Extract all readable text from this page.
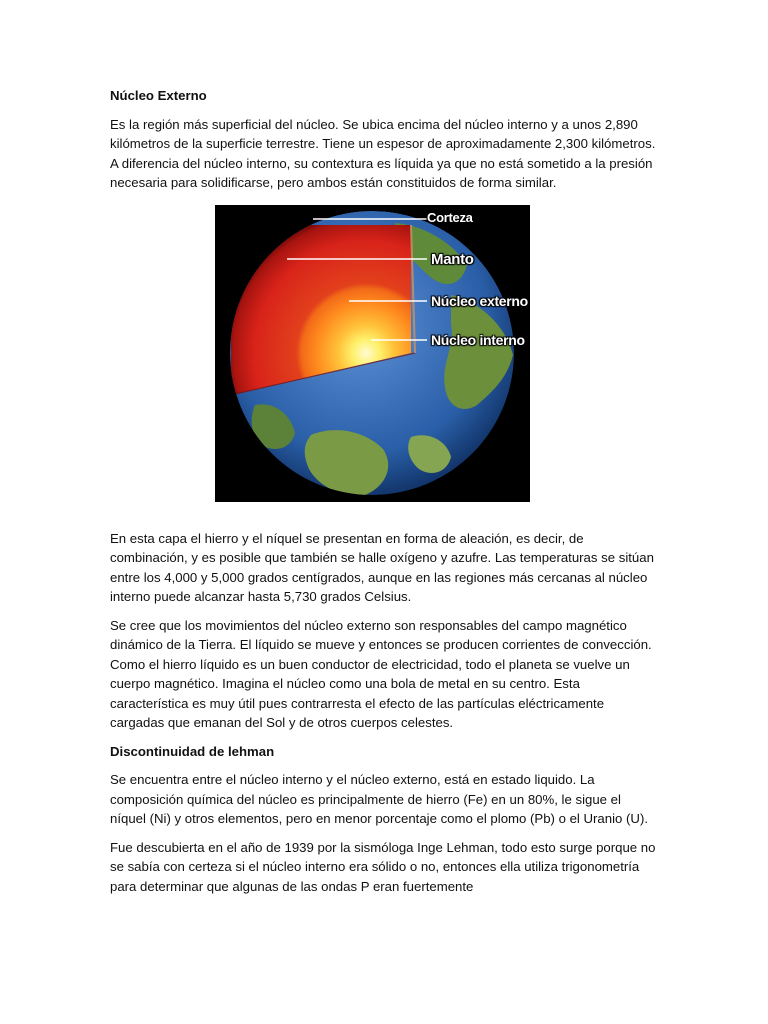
Núcleo Externo

Es la región más superficial del núcleo. Se ubica encima del núcleo interno y a unos 2,890 kilómetros de la superficie terrestre. Tiene un espesor de aproximadamente 2,300 kilómetros. A diferencia del núcleo interno, su contextura es líquida ya que no está sometido a la presión necesaria para solidificarse, pero ambos están constituidos de forma similar.

Corteza
Manto
Núcleo externo
Núcleo interno

En esta capa el hierro y el níquel se presentan en forma de aleación, es decir, de combinación, y es posible que también se halle oxígeno y azufre. Las temperaturas se sitúan entre los 4,000 y 5,000 grados centígrados, aunque en las regiones más cercanas al núcleo interno puede alcanzar hasta 5,730 grados Celsius.

Se cree que los movimientos del núcleo externo son responsables del campo magnético dinámico de la Tierra. El líquido se mueve y entonces se producen corrientes de convección. Como el hierro líquido es un buen conductor de electricidad, todo el planeta se vuelve un cuerpo magnético. Imagina el núcleo como una bola de metal en su centro. Esta característica es muy útil pues contrarresta el efecto de las partículas eléctricamente cargadas que emanan del Sol y de otros cuerpos celestes.

Discontinuidad de lehman

Se encuentra entre el núcleo interno y el núcleo externo, está en estado liquido. La composición química del núcleo es principalmente de hierro (Fe) en un 80%, le sigue el níquel (Ni) y otros elementos, pero en menor porcentaje como el plomo (Pb) o el Uranio (U).

Fue descubierta en el año de 1939 por la sismóloga Inge Lehman, todo esto surge porque no se sabía con certeza si el núcleo interno era sólido o no, entonces ella utiliza trigonometría para determinar que algunas de las ondas P eran fuertemente
